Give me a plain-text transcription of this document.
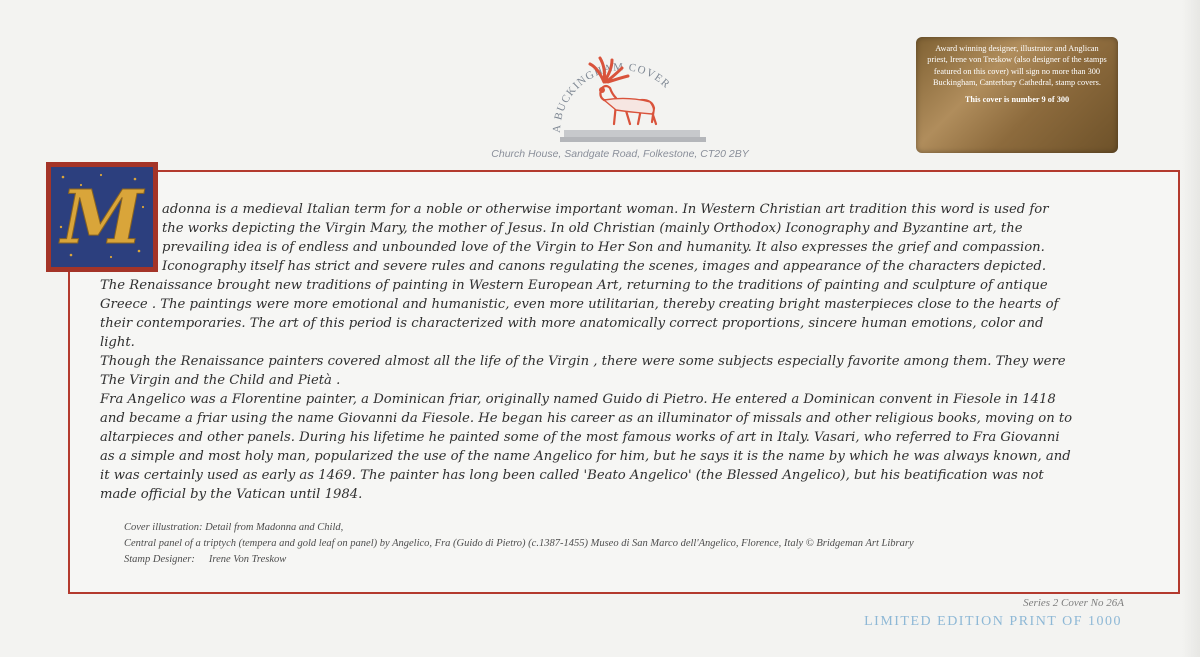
A BUCKINGHAM COVER
Church House, Sandgate Road, Folkestone, CT20 2BY
Award winning designer, illustrator and Anglican priest, Irene von Treskow (also designer of the stamps featured on this cover) will sign no more than 300 Buckingham, Canterbury Cathedral, stamp covers.
This cover is number 9 of 300
M	adonna is a medieval Italian term for a noble or otherwise important woman. In Western Christian art tradition this word is used for the works depicting the Virgin Mary, the mother of Jesus. In old Christian (mainly Orthodox) Iconography and Byzantine art, the prevailing idea is of endless and unbounded love of the Virgin to Her Son and humanity. It also expresses the grief and compassion. Iconography itself has strict and severe rules and canons regulating the scenes, images and appearance of the characters depicted.

The Renaissance brought new traditions of painting in Western European Art, returning to the traditions of painting and sculpture of antique Greece . The paintings were more emotional and humanistic, even more utilitarian, thereby creating bright masterpieces close to the hearts of their contemporaries. The art of this period is characterized with more anatomically correct proportions, sincere human emotions, color and light.

Though the Renaissance painters covered almost all the life of the Virgin , there were some subjects especially favorite among them. They were The Virgin and the Child and Pietà .

Fra Angelico was a Florentine painter, a Dominican friar, originally named Guido di Pietro. He entered a Dominican convent in Fiesole in 1418 and became a friar using the name Giovanni da Fiesole. He began his career as an illuminator of missals and other religious books, moving on to altarpieces and other panels. During his lifetime he painted some of the most famous works of art in Italy. Vasari, who referred to Fra Giovanni as a simple and most holy man, popularized the use of the name Angelico for him, but he says it is the name by which he was always known, and it was certainly used as early as 1469. The painter has long been called 'Beato Angelico' (the Blessed Angelico), but his beatification was not made official by the Vatican until 1984.

Cover illustration: Detail from Madonna and Child,
Central panel of a triptych (tempera and gold leaf on panel) by Angelico, Fra (Guido di Pietro) (c.1387-1455) Museo di San Marco dell'Angelico, Florence, Italy © Bridgeman Art Library
Stamp Designer: Irene Von Treskow
Series 2 Cover No 26A
LIMITED EDITION PRINT OF 1000
